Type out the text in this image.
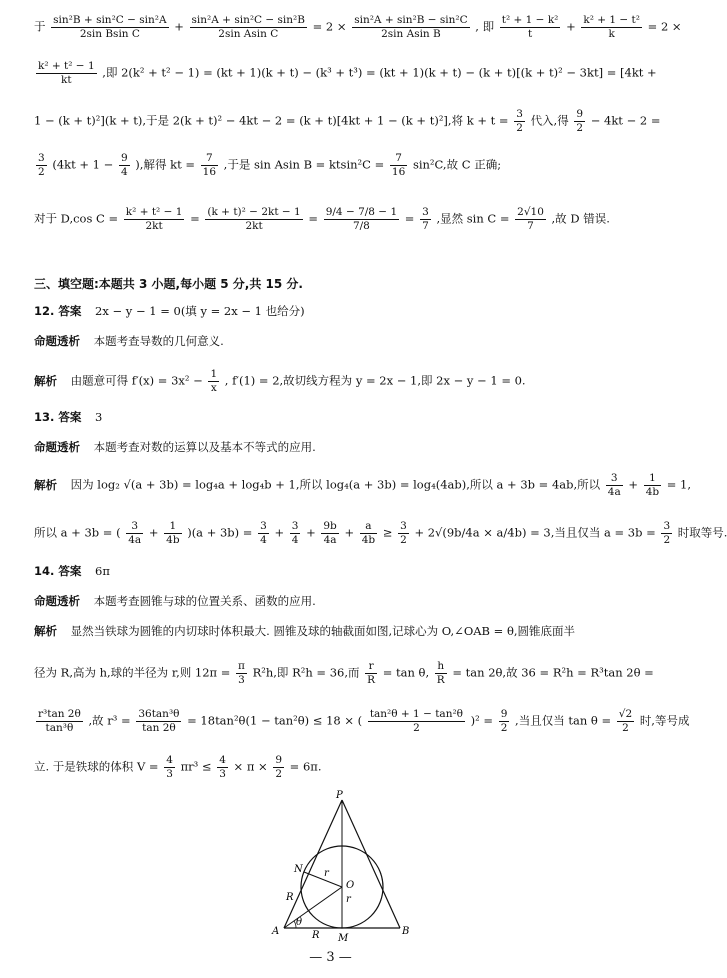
于 $\frac{\text{sin²B + sin²C − sin²A}}{\text{2sin Bsin C}} + \frac{\text{sin²A + sin²C − sin²B}}{\text{2sin Asin C}} = 2 \times \frac{\text{sin²A + sin²B − sin²C}}{\text{2sin Asin B}}$ , 即 $\frac{\text{t² + 1 − k²}}{t} + \frac{\text{k² + 1 − t²}}{k} = 2$ ×
$\frac{\text{k² + t² − 1}}{kt}$ ,即 2(k² + t² − 1) = (kt + 1)(k + t) − (k³ + t³) = (kt + 1)(k + t) − (k + t)[(k + t)² − 3kt] = [4kt +
1 − (k + t)²](k + t),于是 2(k + t)² − 4kt − 2 = (k + t)[4kt + 1 − (k + t)²],将 $k + t = \frac{3}{2}$ 代入,得 $\frac{9}{2} - 4kt - 2$ =
$\frac{3}{2} (4kt + 1 - \frac{9}{4}$ ),解得 kt = $\frac{7}{16}$ ,于是 sin Asin $B = ktsin^2C = \frac{7}{16} \sin^2C$,故 C 正确;
对于 D,cos $C = \frac{\text{k² + t² − 1}}{2kt} = \frac{\text{(k + t)² − 2kt − 1}}{2kt} = \frac{9/4 - 7/8 - 1}{7/8} = \frac{3}{7}$ ,显然 $\sin C = \frac{2√10}{7}$ ,故 D 错误.
三、填空题:本题共 3 小题,每小题 5 分,共 15 分.
12. 答案 2x − y − 1 = 0(填 y = 2x − 1 也给分)
命题透析 本题考查导数的几何意义.
解析 由题意可得 $f'(x) = 3x^2 - \frac{1}{x}$ , f′(1) = 2,故切线方程为 y = 2x − 1,即 2x − y − 1 = 0.
13. 答案 3
命题透析 本题考查对数的运算以及基本不等式的应用.
解析 因为 log₂ √(a + 3b) = log₄a + log₄b + 1,所以 log₄(a + 3b) = log₄(4ab),所以 a + 3b = 4ab,所以 $\frac{3}{4a} + \frac{1}{4b} = 1$,
所以 a + 3b = ( $\frac{3}{4a} + \frac{1}{4b} )(a + 3b) = \frac{3}{4} + \frac{3}{4} + \frac{9b}{4a} + \frac{a}{4b} \ge \frac{3}{2} + 2√(9b/4a \times a/4b) = 3$,当且仅当 $a = 3b = \frac{3}{2}$ 时取等号.
14. 答案 6π
命题透析 本题考查圆锥与球的位置关系、函数的应用.
解析 显然当铁球为圆锥的内切球时体积最大. 圆锥及球的轴截面如图,记球心为 O,∠OAB = θ,圆锥底面半
径为 R,高为 h,球的半径为 r,则 $12\pi = \frac{\pi}{3} R^2h$,即 R²h = 36,而 $\frac{r}{R} = \tan \theta$, $\frac{h}{R} = \tan 2\theta$,故 36 = R²h = R³tan 2θ =
$\frac{\text{r³tan 2θ}}{\text{tan³θ}}$ ,故 $r^3 = \frac{\text{36tan³θ}}{\tan 2\theta} = 18\tan^2\theta(1 - \tan^2\theta) \le 18$ × ( $\frac{\text{tan²θ + 1 − tan²θ}}{2} )^2 = \frac{9}{2}$ ,当且仅当 $\tan \theta = \frac{√2}{2}$ 时,等号成
立. 于是铁球的体积 $V = \frac{4}{3} \pi r^3 \le \frac{4}{3} \times \pi \times \frac{9}{2} = 6\pi$.
P
N
O
A	B
M
R
R
r
r
θ
— 3 —
